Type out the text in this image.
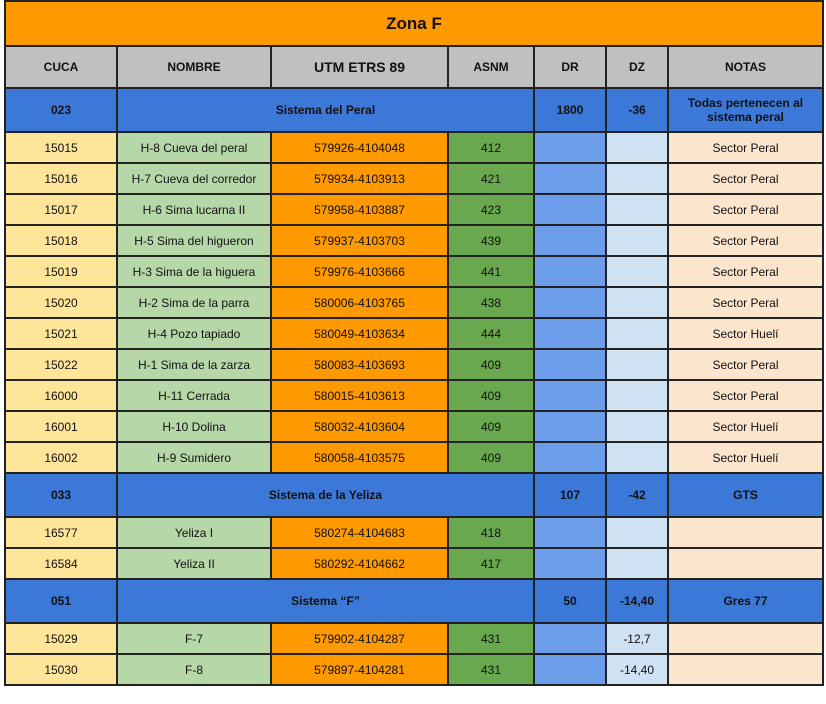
Zona F						
CUCA	NOMBRE	UTM ETRS 89	ASNM	DR	DZ	NOTAS
023	Sistema del Peral			1800	-36	Todas pertenecen al sistema peral
15015	H-8 Cueva del peral	579926-4104048	412			Sector Peral
15016	H-7 Cueva del corredor	579934-4103913	421			Sector Peral
15017	H-6 Sima lucarna II	579958-4103887	423			Sector Peral
15018	H-5 Sima del higueron	579937-4103703	439			Sector Peral
15019	H-3 Sima de la higuera	579976-4103666	441			Sector Peral
15020	H-2 Sima de la parra	580006-4103765	438			Sector Peral
15021	H-4 Pozo tapiado	580049-4103634	444			Sector Huelí
15022	H-1 Sima de la zarza	580083-4103693	409			Sector Peral
16000	H-11 Cerrada	580015-4103613	409			Sector Peral
16001	H-10 Dolina	580032-4103604	409			Sector Huelí
16002	H-9 Sumidero	580058-4103575	409			Sector Huelí
033	Sistema de la Yeliza			107	-42	GTS
16577	Yeliza I	580274-4104683	418			
16584	Yeliza II	580292-4104662	417			
051	Sistema “F”			50	-14,40	Gres 77
15029	F-7	579902-4104287	431		-12,7	
15030	F-8	579897-4104281	431		-14,40	
